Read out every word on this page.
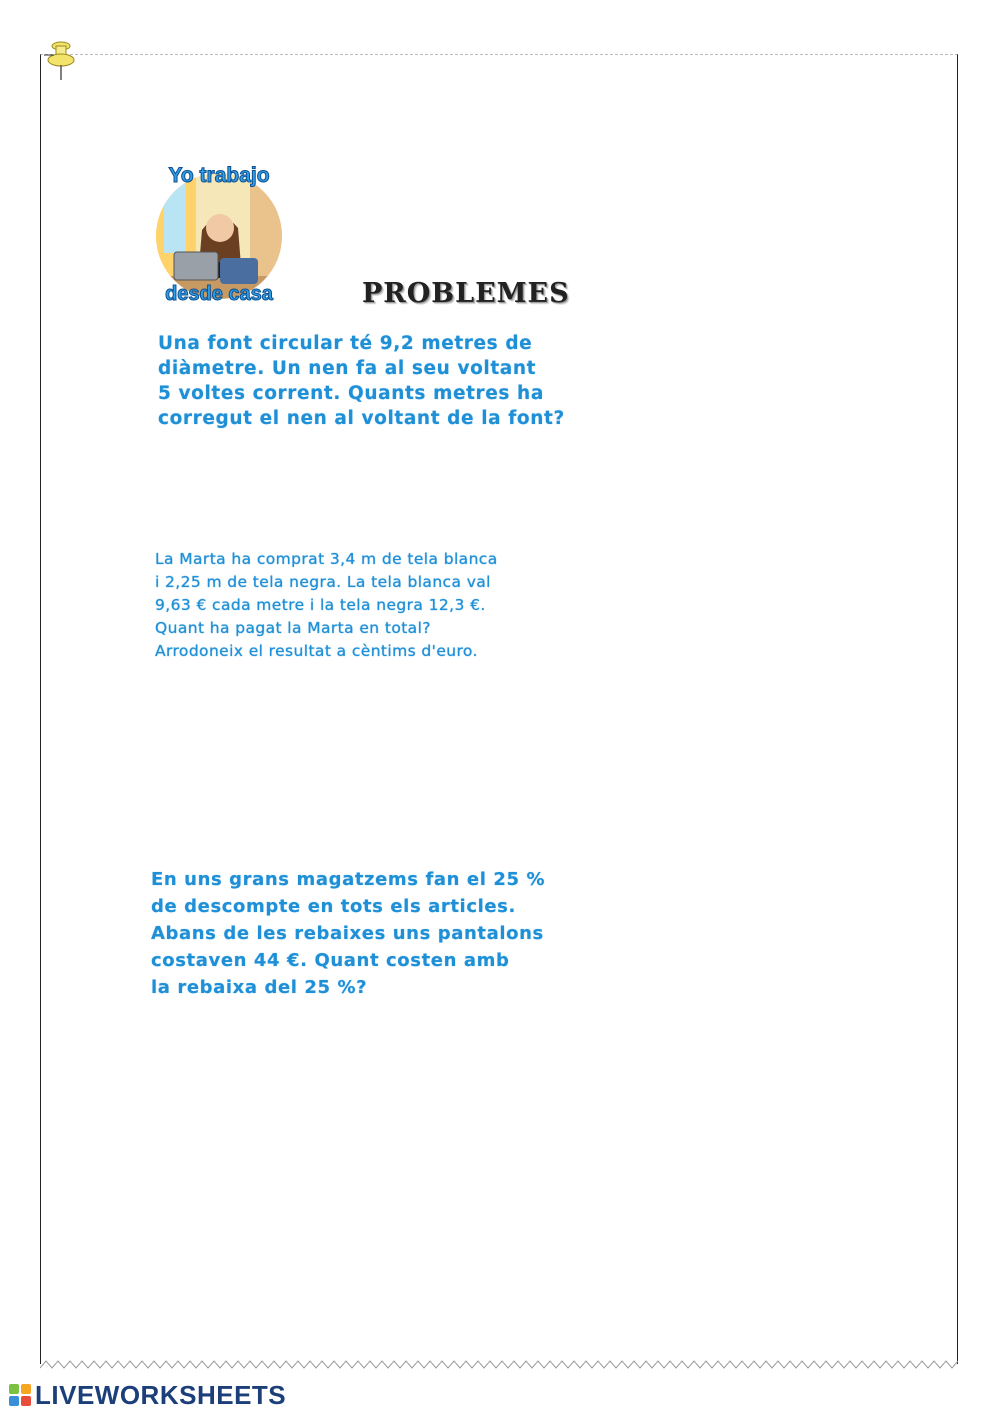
Yo trabajo
desde casa	PROBLEMES
Una font circular té 9,2 metres de
diàmetre. Un nen fa al seu voltant
5 voltes corrent. Quants metres ha
corregut el nen al voltant de la font?
La Marta ha comprat 3,4 m de tela blanca
i 2,25 m de tela negra. La tela blanca val
9,63 € cada metre i la tela negra 12,3 €.
Quant ha pagat la Marta en total?
Arrodoneix el resultat a cèntims d'euro.
En uns grans magatzems fan el 25 %
de descompte en tots els articles.
Abans de les rebaixes uns pantalons
costaven 44 €. Quant costen amb
la rebaixa del 25 %?
LIVEWORKSHEETS
